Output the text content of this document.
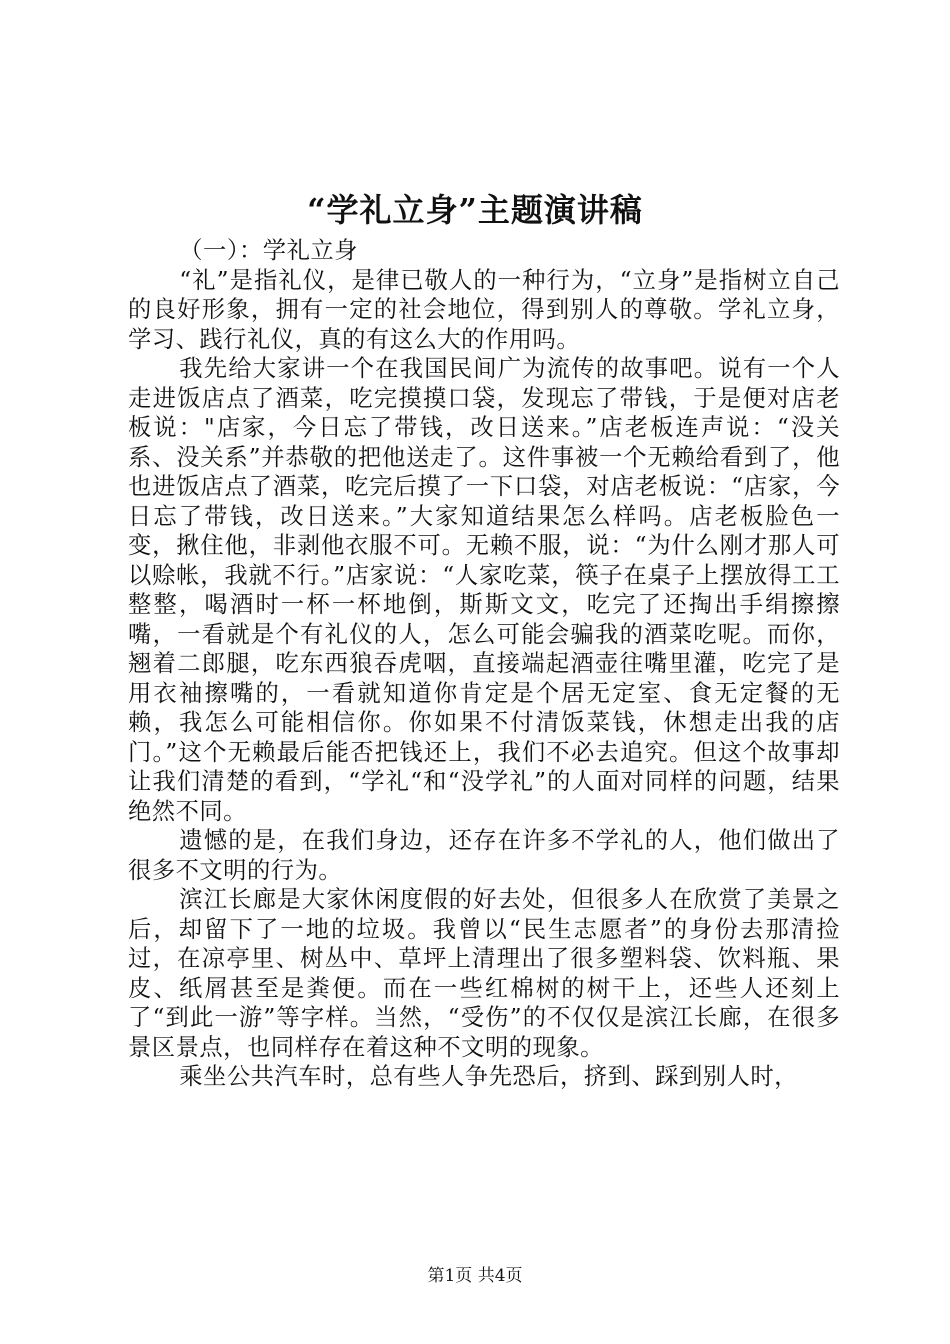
“学礼立身”主题演讲稿

（一）：学礼立身

“礼”是指礼仪，是律已敬人的一种行为，“立身”是指树立自己的良好形象，拥有一定的社会地位，得到别人的尊敬。学礼立身，学习、践行礼仪，真的有这么大的作用吗。

我先给大家讲一个在我国民间广为流传的故事吧。说有一个人走进饭店点了酒菜，吃完摸摸口袋，发现忘了带钱，于是便对店老板说："店家，今日忘了带钱，改日送来。”店老板连声说：“没关系、没关系”并恭敬的把他送走了。这件事被一个无赖给看到了，他也进饭店点了酒菜，吃完后摸了一下口袋，对店老板说：“店家，今日忘了带钱，改日送来。”大家知道结果怎么样吗。店老板脸色一变，揪住他，非剥他衣服不可。无赖不服，说：“为什么刚才那人可以赊帐，我就不行。”店家说：“人家吃菜，筷子在桌子上摆放得工工整整，喝酒时一杯一杯地倒，斯斯文文，吃完了还掏出手绢擦擦嘴，一看就是个有礼仪的人，怎么可能会骗我的酒菜吃呢。而你，翘着二郎腿，吃东西狼吞虎咽，直接端起酒壶往嘴里灌，吃完了是用衣袖擦嘴的，一看就知道你肯定是个居无定室、食无定餐的无赖，我怎么可能相信你。你如果不付清饭菜钱，休想走出我的店门。”这个无赖最后能否把钱还上，我们不必去追究。但这个故事却让我们清楚的看到，“学礼“和“没学礼”的人面对同样的问题，结果绝然不同。

遗憾的是，在我们身边，还存在许多不学礼的人，他们做出了很多不文明的行为。

滨江长廊是大家休闲度假的好去处，但很多人在欣赏了美景之后，却留下了一地的垃圾。我曾以“民生志愿者”的身份去那清捡过，在凉亭里、树丛中、草坪上清理出了很多塑料袋、饮料瓶、果皮、纸屑甚至是粪便。而在一些红棉树的树干上，还些人还刻上了“到此一游”等字样。当然，“受伤”的不仅仅是滨江长廊，在很多景区景点，也同样存在着这种不文明的现象。

乘坐公共汽车时，总有些人争先恐后，挤到、踩到别人时，

第1页 共4页
